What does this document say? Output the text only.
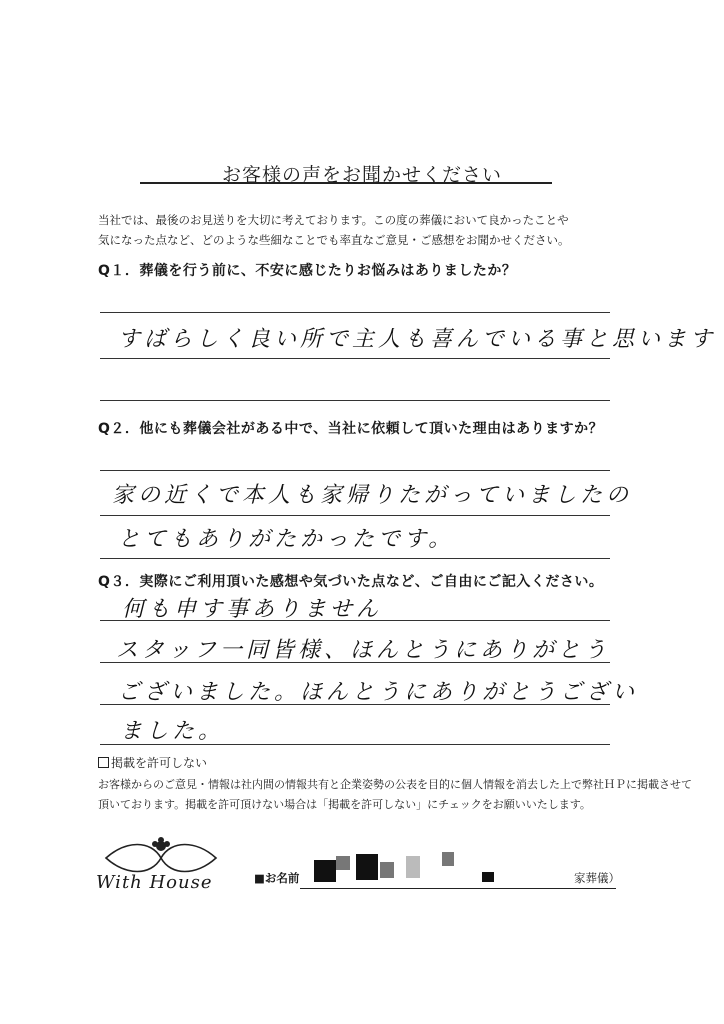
お客様の声をお聞かせください
当社では、最後のお見送りを大切に考えております。この度の葬儀において良かったことや
気になった点など、どのような些細なことでも率直なご意見・ご感想をお聞かせください。
Q１．葬儀を行う前に、不安に感じたりお悩みはありましたか？
すばらしく良い所で主人も喜んでいる事と思います
Q２．他にも葬儀会社がある中で、当社に依頼して頂いた理由はありますか？
家の近くで本人も家帰りたがっていましたの
とてもありがたかったです。
Q３．実際にご利用頂いた感想や気づいた点など、ご自由にご記入ください。
何も申す事ありません
スタッフ一同皆様、ほんとうにありがとう
ございました。ほんとうにありがとうござい
ました。
掲載を許可しない
お客様からのご意見・情報は社内間の情報共有と企業姿勢の公表を目的に個人情報を消去した上で弊社ＨＰに掲載させて
頂いております。掲載を許可頂けない場合は「掲載を許可しない」にチェックをお願いいたします。
With House	■お名前	家葬儀）
